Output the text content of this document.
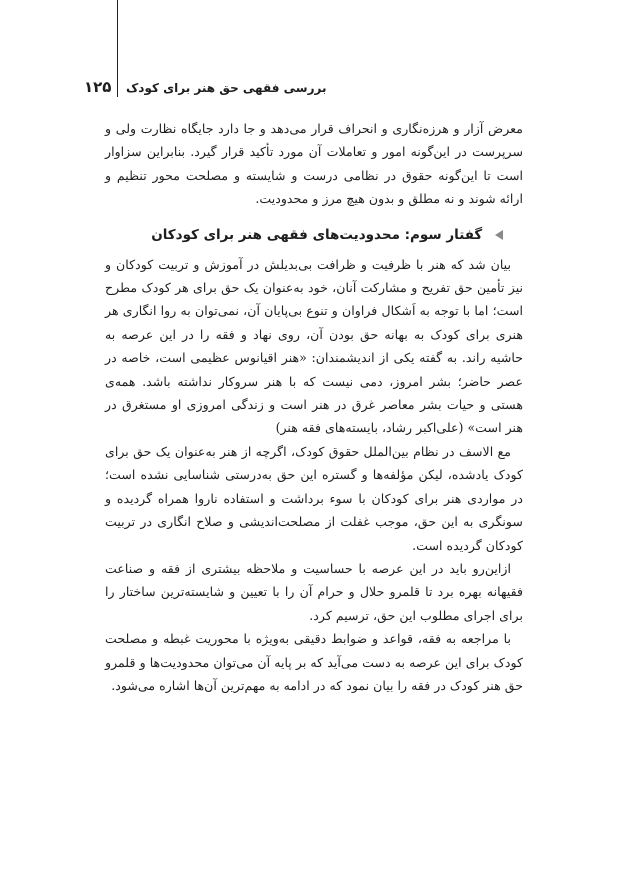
۱۲۵ بررسی فقهی حق هنر برای کودک

معرض آزار و هرزه‌نگاری و انحراف قرار می‌دهد و جا دارد جایگاه نظارت ولی و سرپرست در این‌گونه امور و تعاملات آن مورد تأکید قرار گیرد. بنابراین سزاوار است تا این‌گونه حقوق در نظامی درست و شایسته و مصلحت محور تنظیم و ارائه شوند و نه مطلق و بدون هیچ مرز و محدودیت.

گفتار سوم: محدودیت‌های فقهی هنر برای کودکان

بیان شد که هنر با ظرفیت و ظرافت بی‌بدیلش در آموزش و تربیت کودکان و نیز تأمین حق تفریح و مشارکت آنان، خود به‌عنوان یک حق برای هر کودک مطرح است؛ اما با توجه به اَشکال فراوان و تنوع بی‌پایان آن، نمی‌توان به روا انگاری هر هنری برای کودک به بهانه حق بودن آن، روی نهاد و فقه را در این عرصه به حاشیه راند. به گفته یکی از اندیشمندان: «هنر اقیانوس عظیمی است، خاصه در عصر حاضر؛ بشر امروز، دمی نیست که با هنر سروکار نداشته باشد. همه‌ی هستی و حیات بشر معاصر غرق در هنر است و زندگی امروزی او مستغرق در هنر است» (علی‌اکبر رشاد، بایسته‌های فقه هنر)

مع الاسف در نظام بین‌الملل حقوق کودک، اگرچه از هنر به‌عنوان یک حق برای کودک یادشده، لیکن مؤلفه‌ها و گستره این حق به‌درستی شناسایی نشده است؛ در مواردی هنر برای کودکان با سوء برداشت و استفاده ناروا همراه گردیده و سونگری به این حق، موجب غفلت از مصلحت‌اندیشی و صلاح انگاری در تربیت کودکان گردیده است.

ازاین‌رو باید در این عرصه با حساسیت و ملاحظه بیشتری از فقه و صناعت فقیهانه بهره برد تا قلمرو حلال و حرام آن را با تعیین و شایسته‌ترین ساختار را برای اجرای مطلوب این حق، ترسیم کرد.

با مراجعه به فقه، قواعد و ضوابط دقیقی به‌ویژه با محوریت غبطه و مصلحت کودک برای این عرصه به دست می‌آید که بر پایه آن می‌توان محدودیت‌ها و قلمرو حق هنر کودک در فقه را بیان نمود که در ادامه به مهم‌ترین آن‌ها اشاره می‌شود.
